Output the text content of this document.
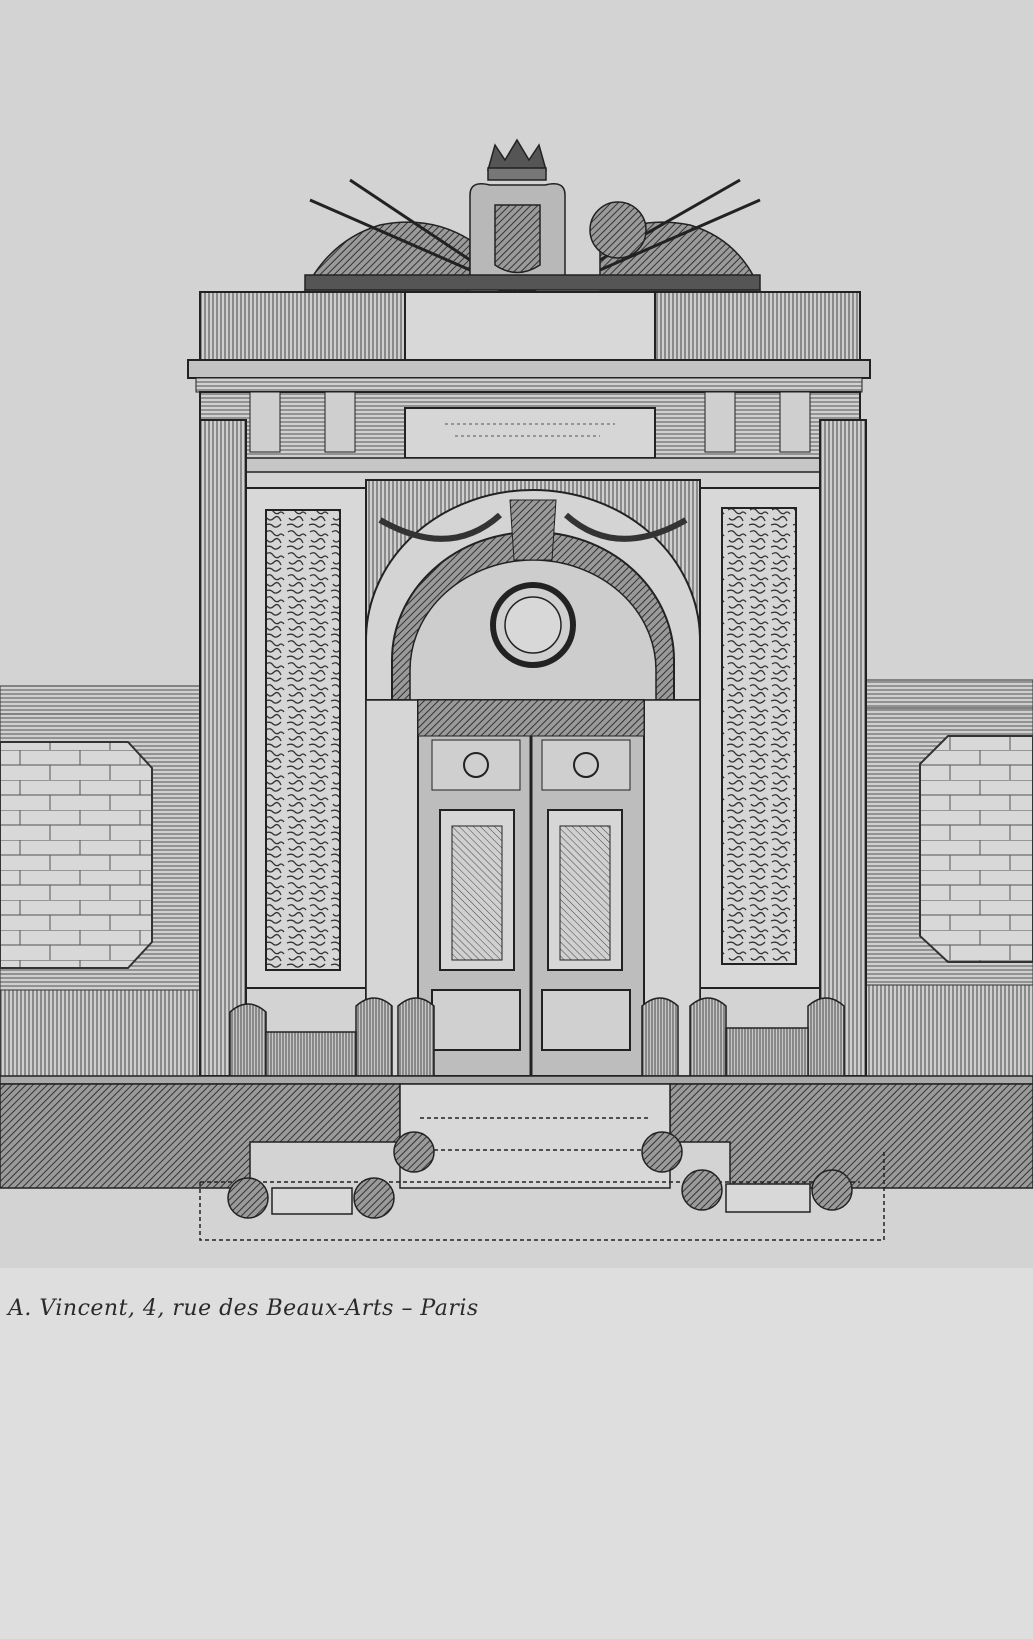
A. Vincent, 4, rue des Beaux-Arts – Paris
